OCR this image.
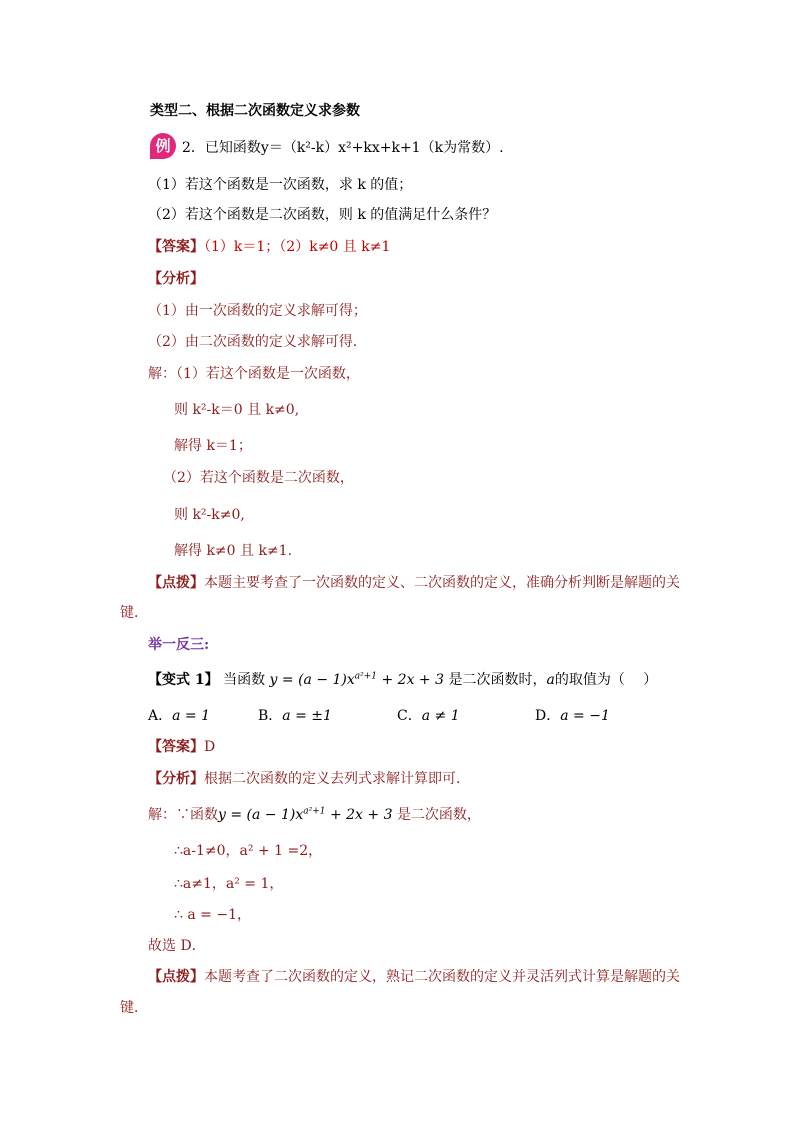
类型二、根据二次函数定义求参数
例 2．已知函数y＝（k²-k）x²+kx+k+1（k为常数）.
（1）若这个函数是一次函数，求 k 的值；
（2）若这个函数是二次函数，则 k 的值满足什么条件？
【答案】（1）k＝1；（2）k≠0 且 k≠1
【分析】
（1）由一次函数的定义求解可得；
（2）由二次函数的定义求解可得．
解：（1）若这个函数是一次函数，
则 k²-k＝0 且 k≠0,
解得 k＝1；
（2）若这个函数是二次函数，
则 k²-k≠0,
解得 k≠0 且 k≠1.
【点拨】本题主要考查了一次函数的定义、二次函数的定义，准确分析判断是解题的关
键．
举一反三:
【变式 1】 当函数 $y = (a - 1)x^{a^2+1} + 2x + 3$ 是二次函数时，a的取值为（　 ）
A．a = 1	B．a = ±1	C．a ≠ 1	D．a = −1
【答案】D
【分析】根据二次函数的定义去列式求解计算即可．
解：∵函数$y = (a - 1)x^{a^2+1} + 2x + 3$ 是二次函数，
∴a-1≠0，a² + 1 =2，
∴a≠1，a² = 1，
∴ a = −1，
故选 D．
【点拨】本题考查了二次函数的定义，熟记二次函数的定义并灵活列式计算是解题的关
键．
